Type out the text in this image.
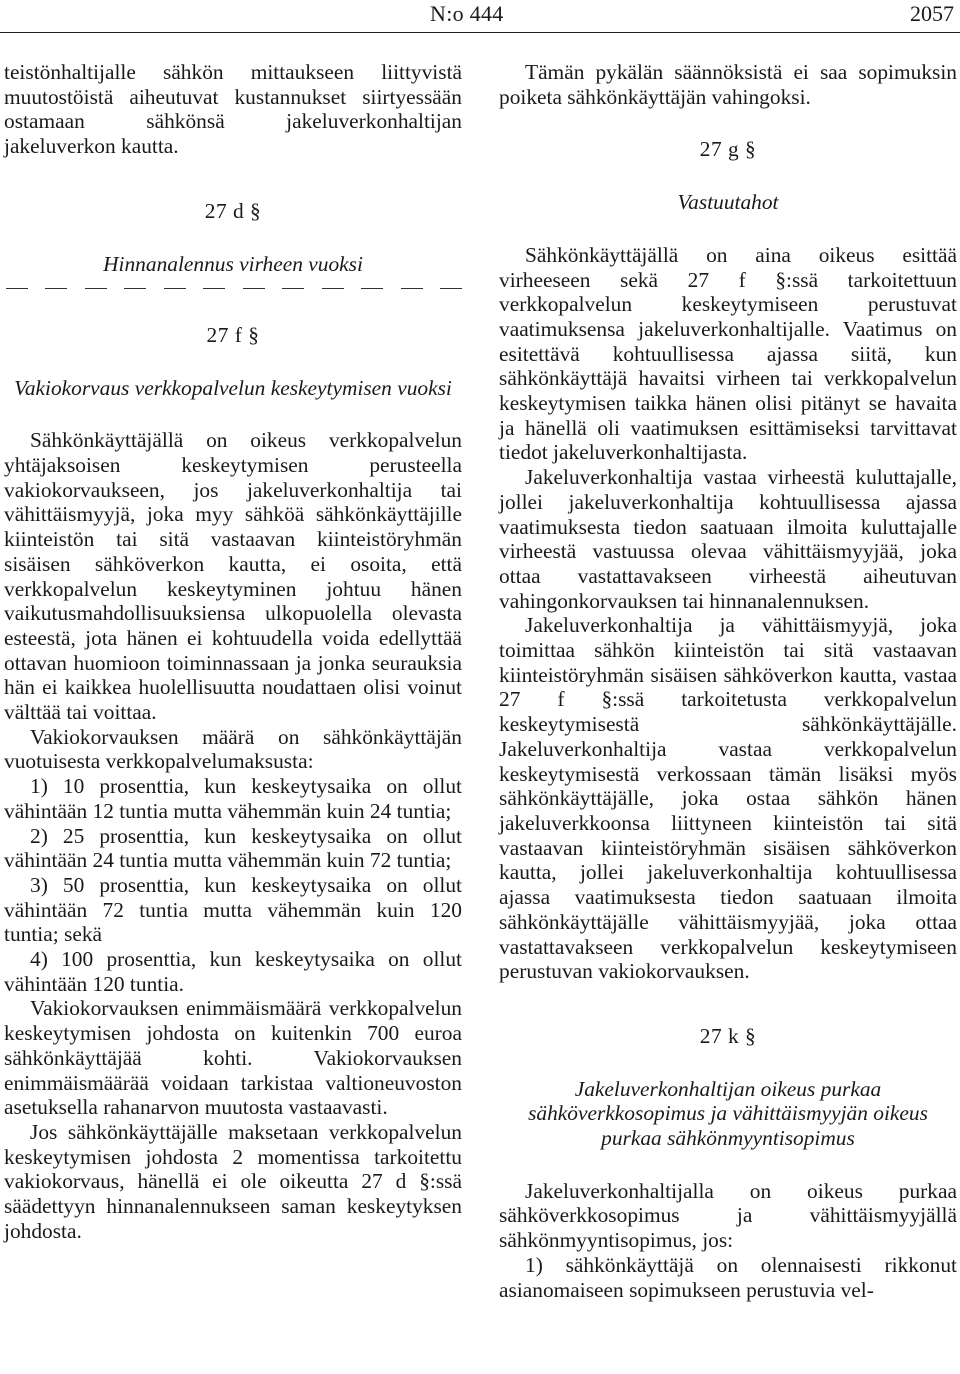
N:o 444	2057

teistönhaltijalle sähkön mittaukseen liittyvistä muutostöistä aiheutuvat kustannukset siirtyessään ostamaan sähkönsä jakeluverkonhaltijan jakeluverkon kautta.

27 d §

Hinnanalennus virheen vuoksi

27 f §

Vakiokorvaus verkkopalvelun keskeytymisen vuoksi

Sähkönkäyttäjällä on oikeus verkkopalvelun yhtäjaksoisen keskeytymisen perusteella vakiokorvaukseen, jos jakeluverkonhaltija tai vähittäismyyjä, joka myy sähköä sähkönkäyttäjille kiinteistön tai sitä vastaavan kiinteistöryhmän sisäisen sähköverkon kautta, ei osoita, että verkkopalvelun keskeytyminen johtuu hänen vaikutusmahdollisuuksiensa ulkopuolella olevasta esteestä, jota hänen ei kohtuudella voida edellyttää ottavan huomioon toiminnassaan ja jonka seurauksia hän ei kaikkea huolellisuutta noudattaen olisi voinut välttää tai voittaa.

Vakiokorvauksen määrä on sähkönkäyttäjän vuotuisesta verkkopalvelumaksusta:

1) 10 prosenttia, kun keskeytysaika on ollut vähintään 12 tuntia mutta vähemmän kuin 24 tuntia;

2) 25 prosenttia, kun keskeytysaika on ollut vähintään 24 tuntia mutta vähemmän kuin 72 tuntia;

3) 50 prosenttia, kun keskeytysaika on ollut vähintään 72 tuntia mutta vähemmän kuin 120 tuntia; sekä

4) 100 prosenttia, kun keskeytysaika on ollut vähintään 120 tuntia.

Vakiokorvauksen enimmäismäärä verkkopalvelun keskeytymisen johdosta on kuitenkin 700 euroa sähkönkäyttäjää kohti. Vakiokorvauksen enimmäismäärää voidaan tarkistaa valtioneuvoston asetuksella rahanarvon muutosta vastaavasti.

Jos sähkönkäyttäjälle maksetaan verkkopalvelun keskeytymisen johdosta 2 momentissa tarkoitettu vakiokorvaus, hänellä ei ole oikeutta 27 d §:ssä säädettyyn hinnanalennukseen saman keskeytyksen johdosta.

Tämän pykälän säännöksistä ei saa sopimuksin poiketa sähkönkäyttäjän vahingoksi.

27 g §

Vastuutahot

Sähkönkäyttäjällä on aina oikeus esittää virheeseen sekä 27 f §:ssä tarkoitettuun verkkopalvelun keskeytymiseen perustuvat vaatimuksensa jakeluverkonhaltijalle. Vaatimus on esitettävä kohtuullisessa ajassa siitä, kun sähkönkäyttäjä havaitsi virheen tai verkkopalvelun keskeytymisen taikka hänen olisi pitänyt se havaita ja hänellä oli vaatimuksen esittämiseksi tarvittavat tiedot jakeluverkonhaltijasta.

Jakeluverkonhaltija vastaa virheestä kuluttajalle, jollei jakeluverkonhaltija kohtuullisessa ajassa vaatimuksesta tiedon saatuaan ilmoita kuluttajalle virheestä vastuussa olevaa vähittäismyyjää, joka ottaa vastattavakseen virheestä aiheutuvan vahingonkorvauksen tai hinnanalennuksen.

Jakeluverkonhaltija ja vähittäismyyjä, joka toimittaa sähkön kiinteistön tai sitä vastaavan kiinteistöryhmän sisäisen sähköverkon kautta, vastaa 27 f §:ssä tarkoitetusta verkkopalvelun keskeytymisestä sähkönkäyttäjälle. Jakeluverkonhaltija vastaa verkkopalvelun keskeytymisestä verkossaan tämän lisäksi myös sähkönkäyttäjälle, joka ostaa sähkön hänen jakeluverkkoonsa liittyneen kiinteistön tai sitä vastaavan kiinteistöryhmän sisäisen sähköverkon kautta, jollei jakeluverkonhaltija kohtuullisessa ajassa vaatimuksesta tiedon saatuaan ilmoita sähkönkäyttäjälle vähittäismyyjää, joka ottaa vastattavakseen verkkopalvelun keskeytymiseen perustuvan vakiokorvauksen.

27 k §

Jakeluverkonhaltijan oikeus purkaa sähköverkkosopimus ja vähittäismyyjän oikeus purkaa sähkönmyyntisopimus

Jakeluverkonhaltijalla on oikeus purkaa sähköverkkosopimus ja vähittäismyyjällä sähkönmyyntisopimus, jos:

1) sähkönkäyttäjä on olennaisesti rikkonut asianomaiseen sopimukseen perustuvia vel-
